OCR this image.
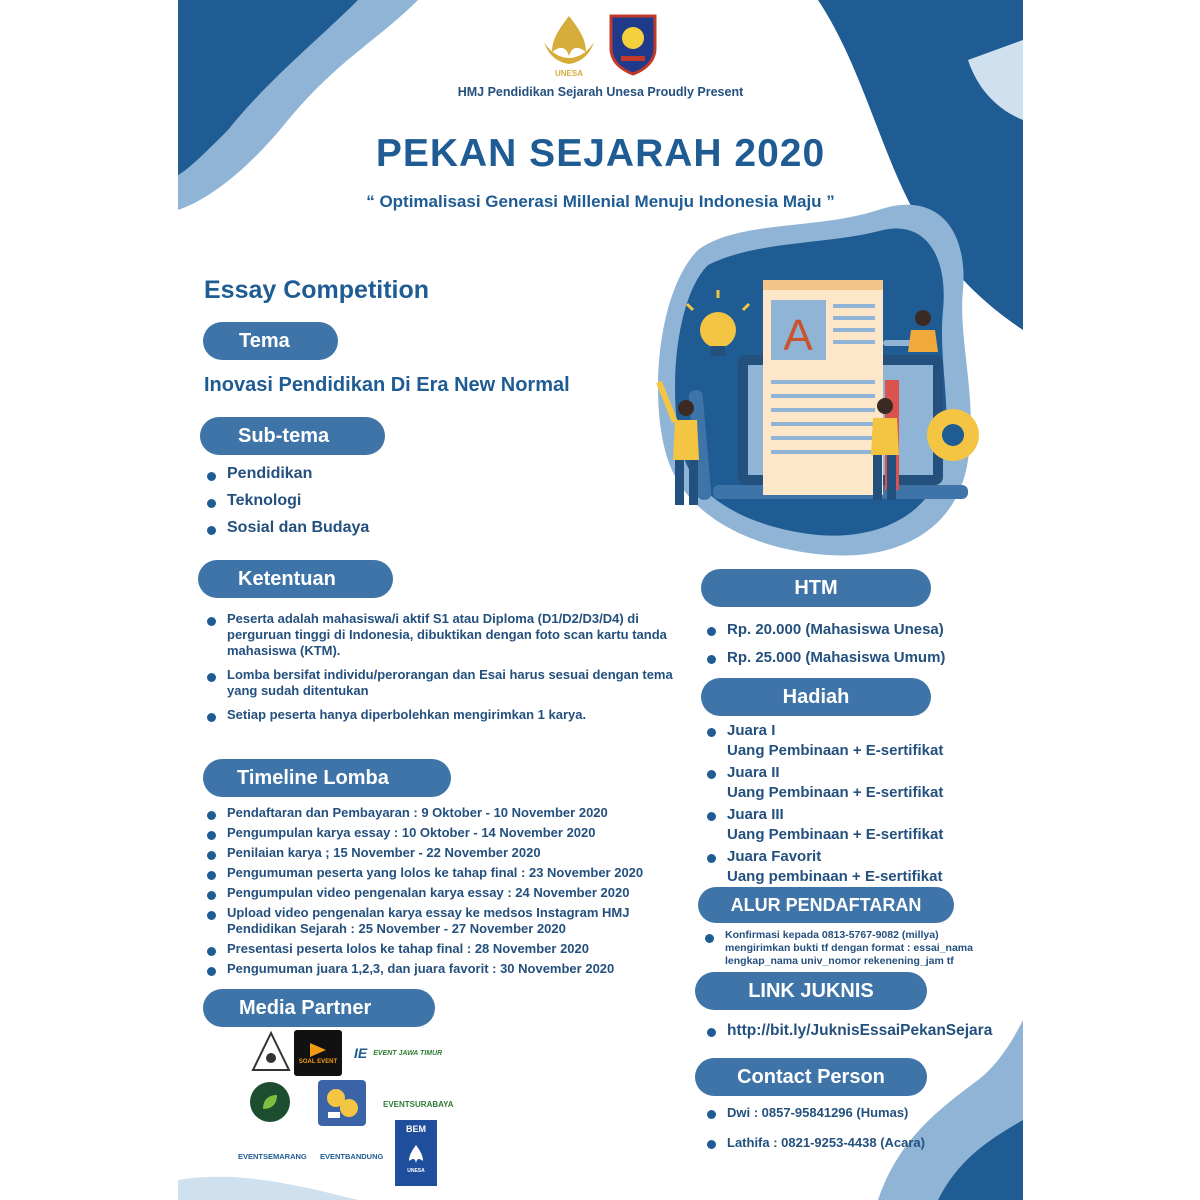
A
UNESA
HMJ Pendidikan Sejarah Unesa Proudly Present
PEKAN SEJARAH 2020
“ Optimalisasi Generasi Millenial Menuju Indonesia Maju ”
Essay Competition
Tema
Inovasi Pendidikan Di Era New Normal
Sub-tema
Pendidikan
Teknologi
Sosial dan Budaya
Ketentuan
Peserta adalah mahasiswa/i aktif S1 atau Diploma (D1/D2/D3/D4) di perguruan tinggi di Indonesia, dibuktikan dengan foto scan kartu tanda mahasiswa (KTM).
Lomba bersifat individu/perorangan dan Esai harus sesuai dengan tema yang sudah ditentukan
Setiap peserta hanya diperbolehkan mengirimkan 1 karya.
Timeline Lomba
Pendaftaran dan Pembayaran : 9 Oktober - 10 November 2020
Pengumpulan karya essay : 10 Oktober - 14 November 2020
Penilaian karya ; 15 November - 22 November 2020
Pengumuman peserta yang lolos ke tahap final : 23 November 2020
Pengumpulan video pengenalan karya essay : 24 November 2020
Upload video pengenalan karya essay ke medsos Instagram HMJ Pendidikan Sejarah : 25 November - 27 November 2020
Presentasi peserta lolos ke tahap final : 28 November 2020
Pengumuman juara 1,2,3, dan juara favorit : 30 November 2020
Media Partner
SOAL EVENT
IE EVENT JAWA TIMUR
EVENTSURABAYA
EVENTSEMARANG EVENTBANDUNG
BEM
UNESA
HTM
Rp. 20.000 (Mahasiswa Unesa)
Rp. 25.000 (Mahasiswa Umum)
Hadiah
Juara I
Uang Pembinaan + E-sertifikat
Juara II
Uang Pembinaan + E-sertifikat
Juara III
Uang Pembinaan + E-sertifikat
Juara Favorit
Uang pembinaan + E-sertifikat
ALUR PENDAFTARAN
Konfirmasi kepada 0813-5767-9082 (millya) mengirimkan bukti tf dengan format : essai_nama lengkap_nama univ_nomor rekenening_jam tf
LINK JUKNIS
http://bit.ly/JuknisEssaiPekanSejara
Contact Person
Dwi : 0857-95841296 (Humas)
Lathifa : 0821-9253-4438 (Acara)
